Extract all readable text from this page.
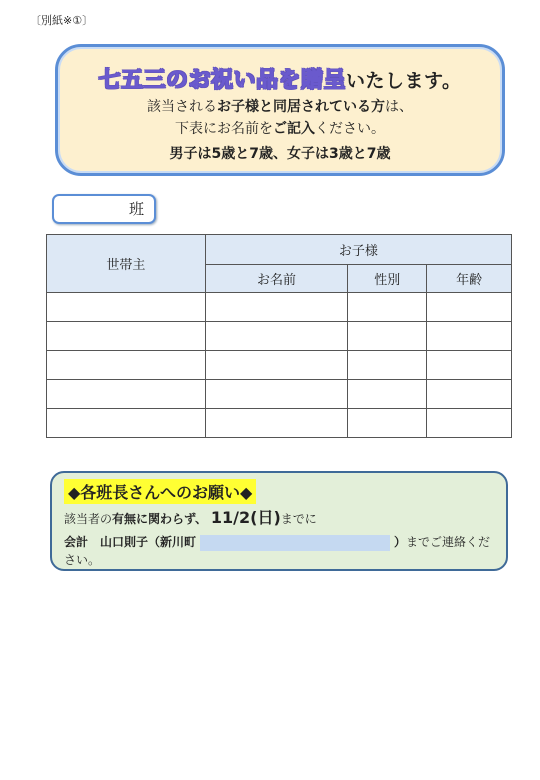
〔別紙※①〕
七五三のお祝い品を贈呈いたします。
該当されるお子様と同居されている方は、
下表にお名前をご記入ください。
男子は5歳と7歳、女子は3歳と7歳
班
世帯主	お子様		
	お名前	性別	年齢

◆各班長さんへのお願い◆
該当者の有無に関わらず、 11/2(日)までに
会計　山口則子（新川町	）までご連絡くだ
さい。
